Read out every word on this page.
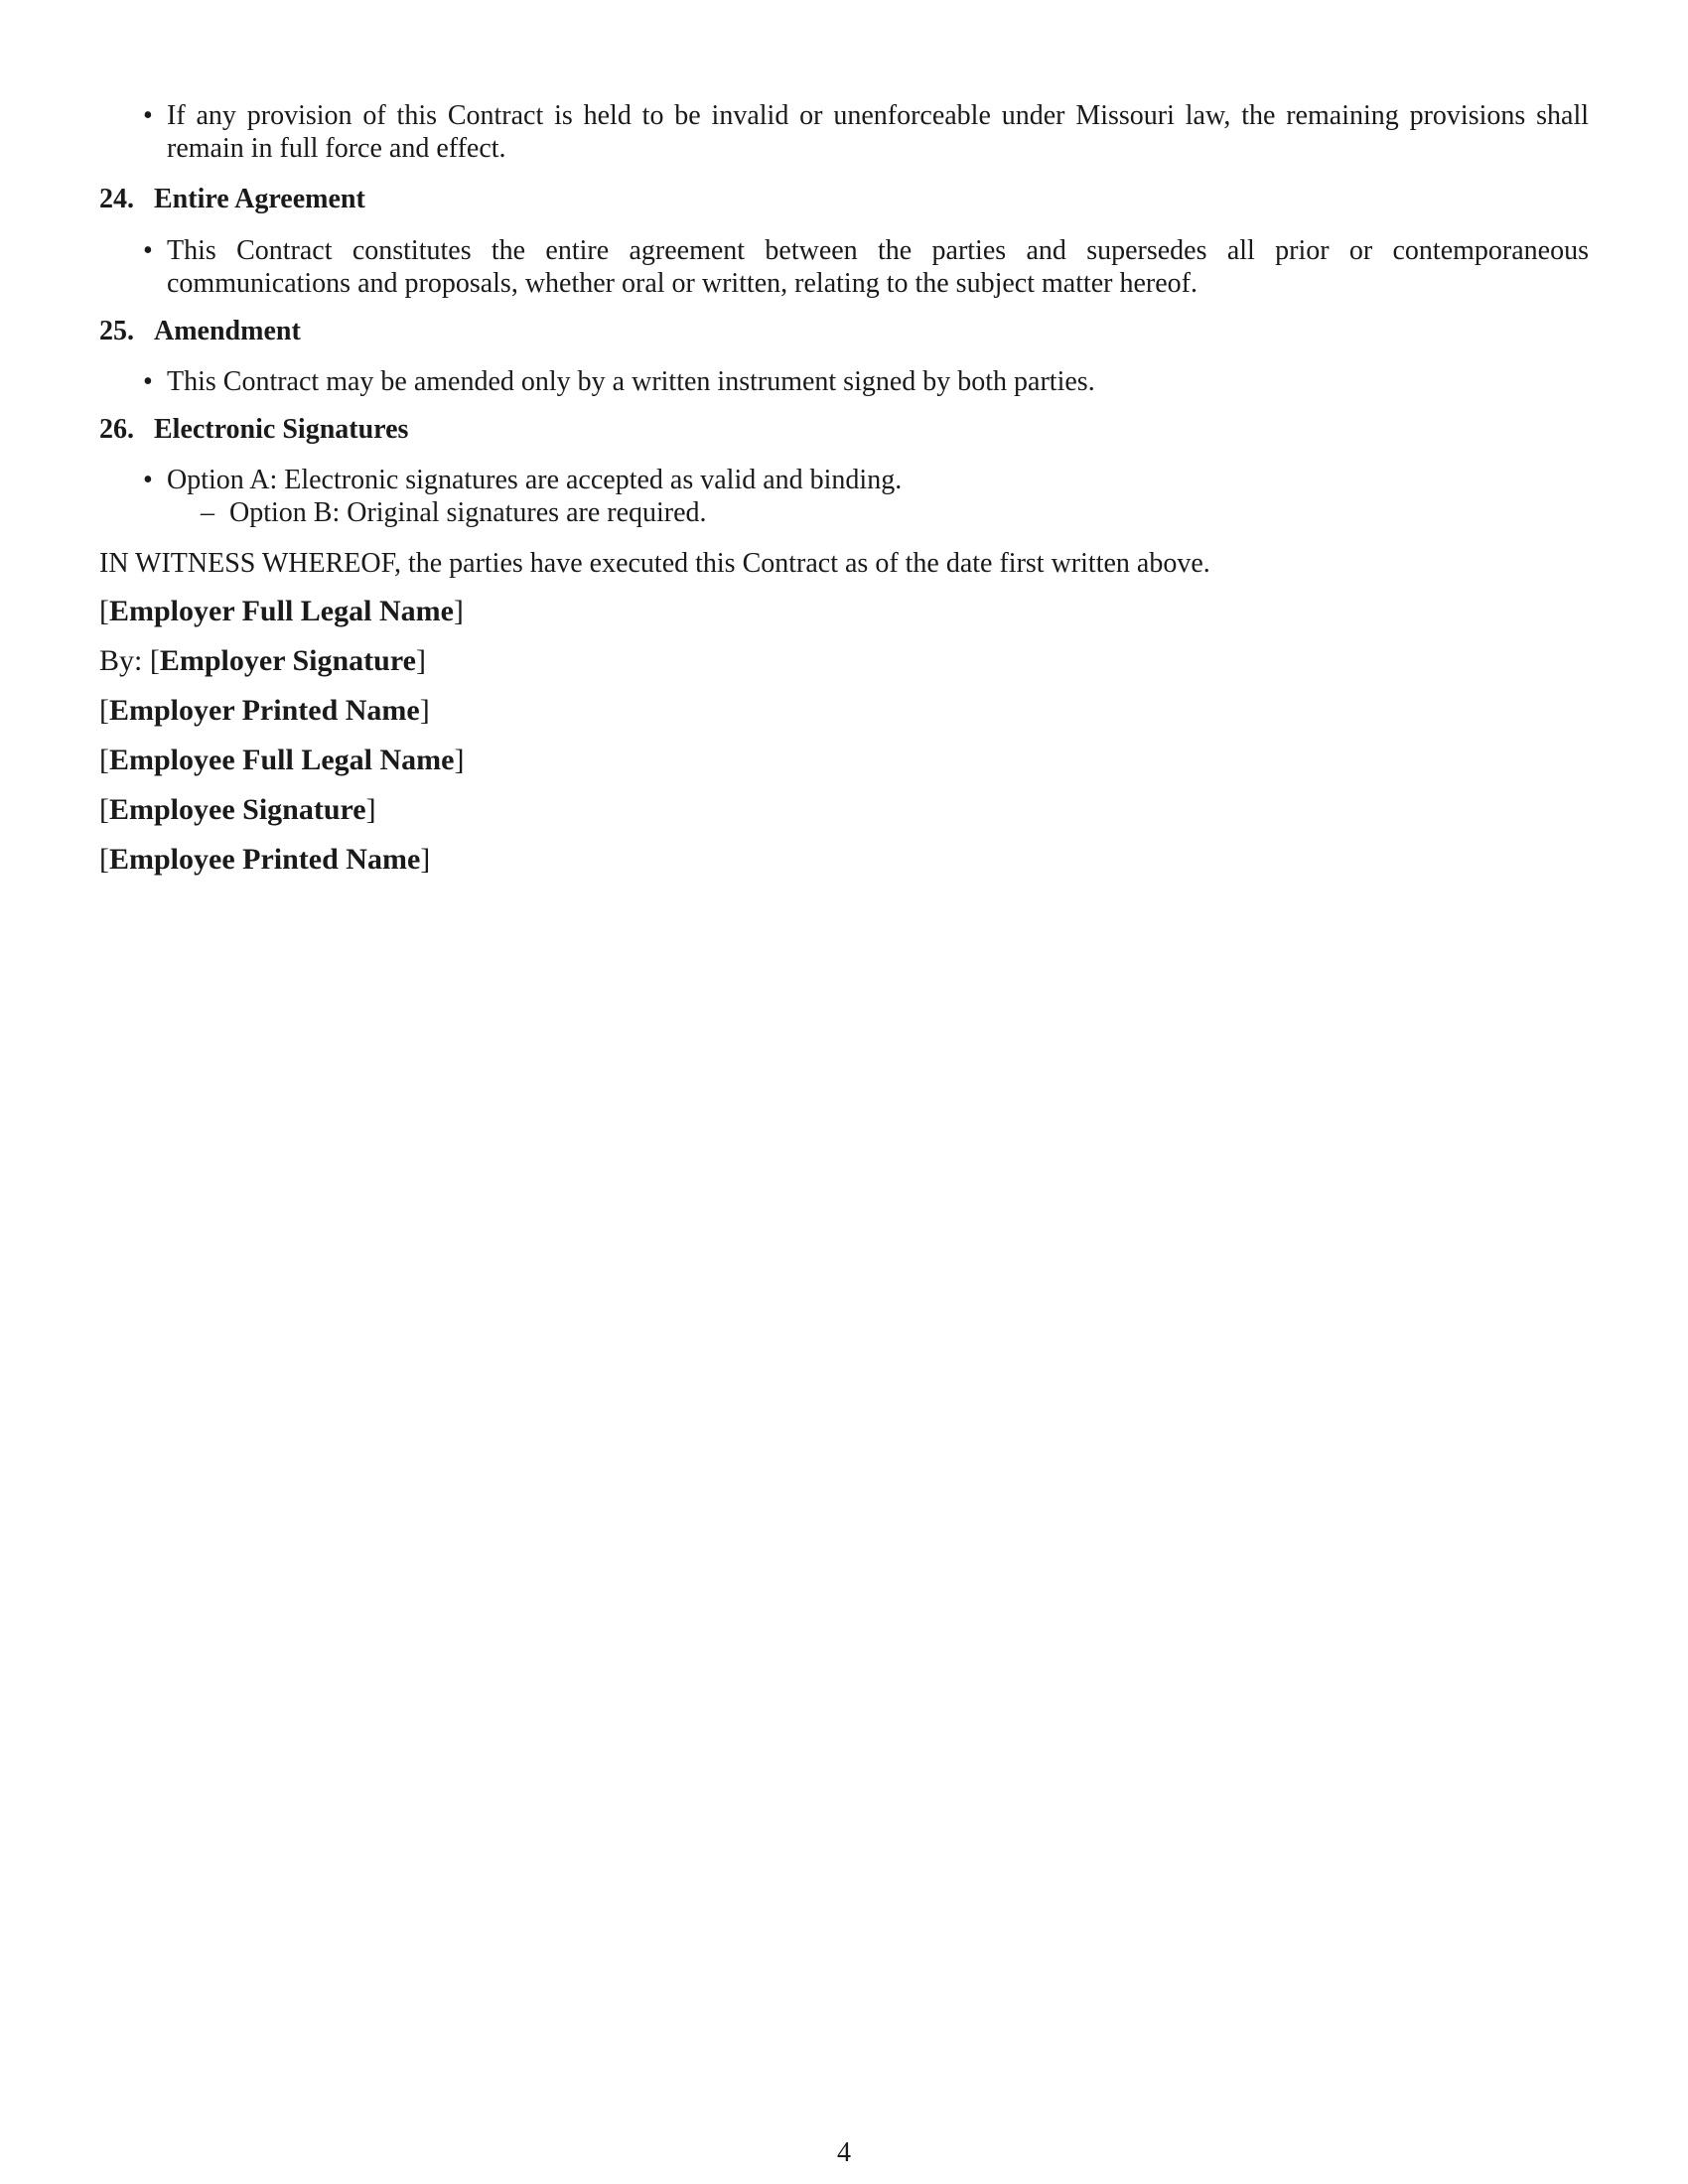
• If any provision of this Contract is held to be invalid or unenforceable under Missouri law, the remaining provisions shall remain in full force and effect.
24. Entire Agreement
• This Contract constitutes the entire agreement between the parties and supersedes all prior or contemporaneous communications and proposals, whether oral or written, relating to the subject matter hereof.
25. Amendment
• This Contract may be amended only by a written instrument signed by both parties.
26. Electronic Signatures
• Option A: Electronic signatures are accepted as valid and binding.
– Option B: Original signatures are required.
IN WITNESS WHEREOF, the parties have executed this Contract as of the date first written above.
[Employer Full Legal Name]
By: [Employer Signature]
[Employer Printed Name]
[Employee Full Legal Name]
[Employee Signature]
[Employee Printed Name]
4
